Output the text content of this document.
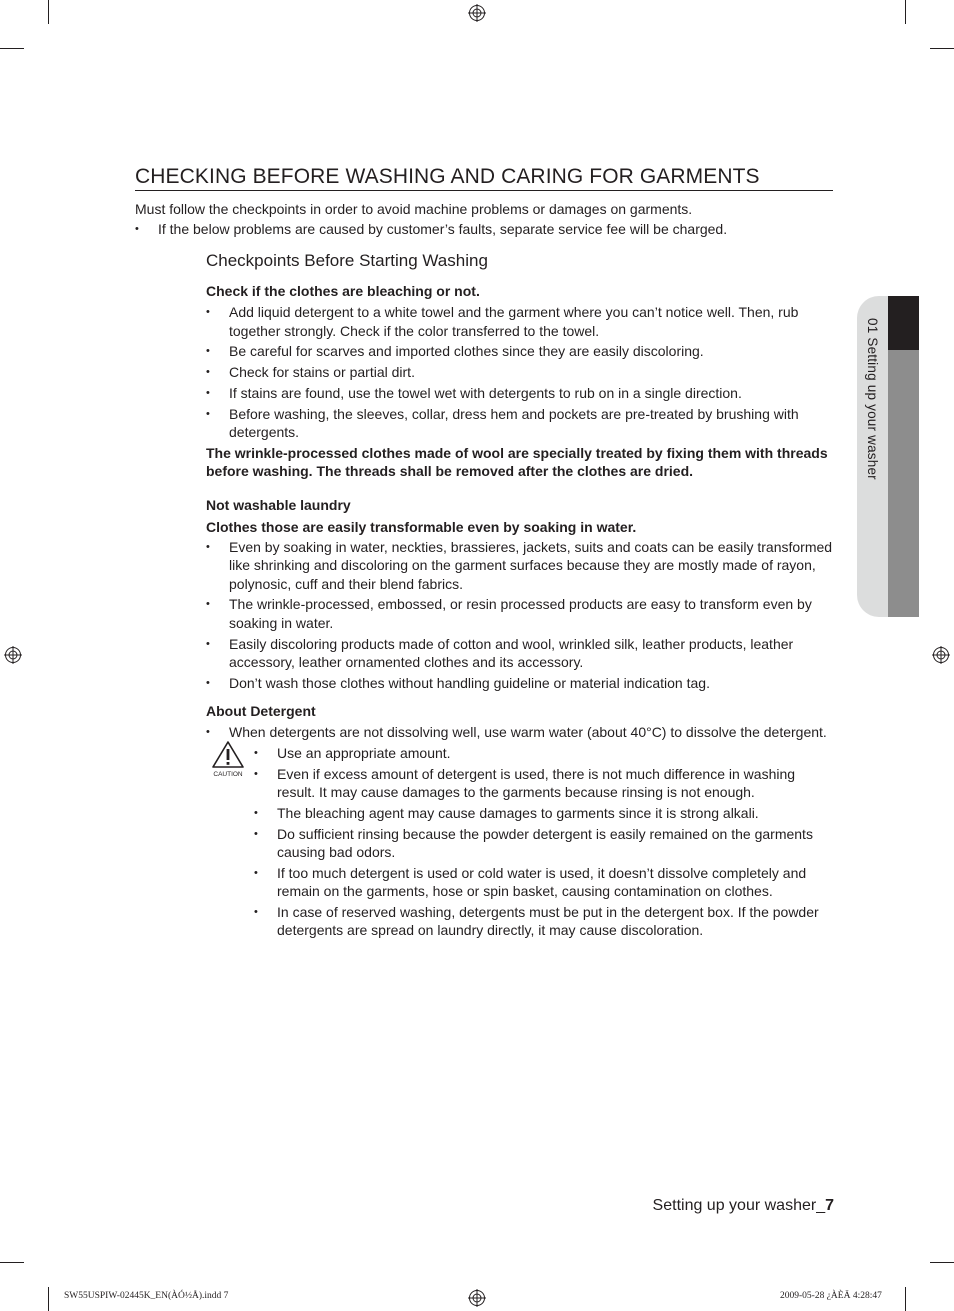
CHECKING BEFORE WASHING AND CARING FOR GARMENTS

Must follow the checkpoints in order to avoid machine problems or damages on garments.

• If the below problems are caused by customer’s faults, separate service fee will be charged.
Checkpoints Before Starting Washing

Check if the clothes are bleaching or not.

• Add liquid detergent to a white towel and the garment where you can’t notice well. Then, rub together strongly. Check if the color transferred to the towel.
• Be careful for scarves and imported clothes since they are easily discoloring.
• Check for stains or partial dirt.
• If stains are found, use the towel wet with detergents to rub on in a single direction.
• Before washing, the sleeves, collar, dress hem and pockets are pre-treated by brushing with detergents.

The wrinkle-processed clothes made of wool are specially treated by fixing them with threads before washing. The threads shall be removed after the clothes are dried.

Not washable laundry

Clothes those are easily transformable even by soaking in water.

• Even by soaking in water, neckties, brassieres, jackets, suits and coats can be easily transformed like shrinking and discoloring on the garment surfaces because they are mostly made of rayon, polynosic, cuff and their blend fabrics.
• The wrinkle-processed, embossed, or resin processed products are easy to transform even by soaking in water.
• Easily discoloring products made of cotton and wool, wrinkled silk, leather products, leather accessory, leather ornamented clothes and its accessory.
• Don’t wash those clothes without handling guideline or material indication tag.

About Detergent

• When detergents are not dissolving well, use warm water (about 40°C) to dissolve the detergent.
CAUTION
• Use an appropriate amount.
• Even if excess amount of detergent is used, there is not much difference in washing result. It may cause damages to the garments because rinsing is not enough.
• The bleaching agent may cause damages to garments since it is strong alkali.
• Do sufficient rinsing because the powder detergent is easily remained on the garments causing bad odors.
• If too much detergent is used or cold water is used, it doesn’t dissolve completely and remain on the garments, hose or spin basket, causing contamination on clothes.
• In case of reserved washing, detergents must be put in the detergent box. If the powder detergents are spread on laundry directly, it may cause discoloration.
01 Setting up your washer
Setting up your washer_7
SW55USPIW-02445K_EN(ÀÓ½Å).indd 7	2009-05-28 ¿ÀÈÄ 4:28:47
